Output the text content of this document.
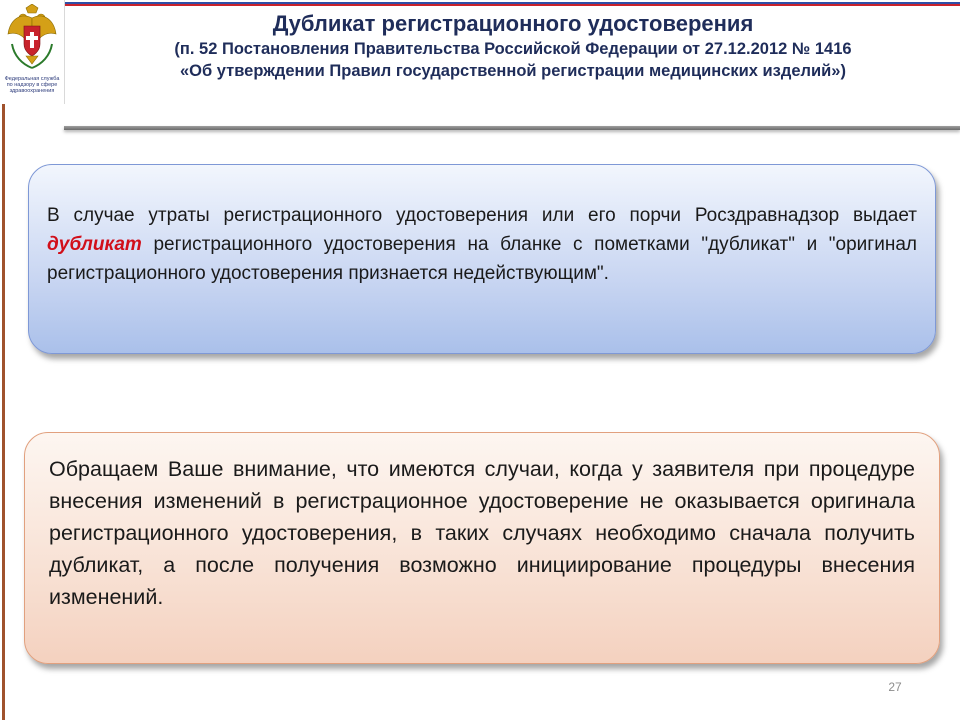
Федеральная служба
по надзору в сфере
здравоохранения
Дубликат регистрационного удостоверения
(п. 52 Постановления Правительства Российской Федерации от 27.12.2012 № 1416
«Об утверждении Правил государственной регистрации медицинских изделий»)
В случае утраты регистрационного удостоверения или его порчи Росздравнадзор выдает дубликат регистрационного удостоверения на бланке с пометками "дубликат" и "оригинал регистрационного удостоверения признается недействующим".
Обращаем Ваше внимание, что имеются случаи, когда у заявителя при процедуре внесения изменений в регистрационное удостоверение не оказывается оригинала регистрационного удостоверения, в таких случаях необходимо сначала получить дубликат, а после получения возможно инициирование процедуры внесения изменений.
27
